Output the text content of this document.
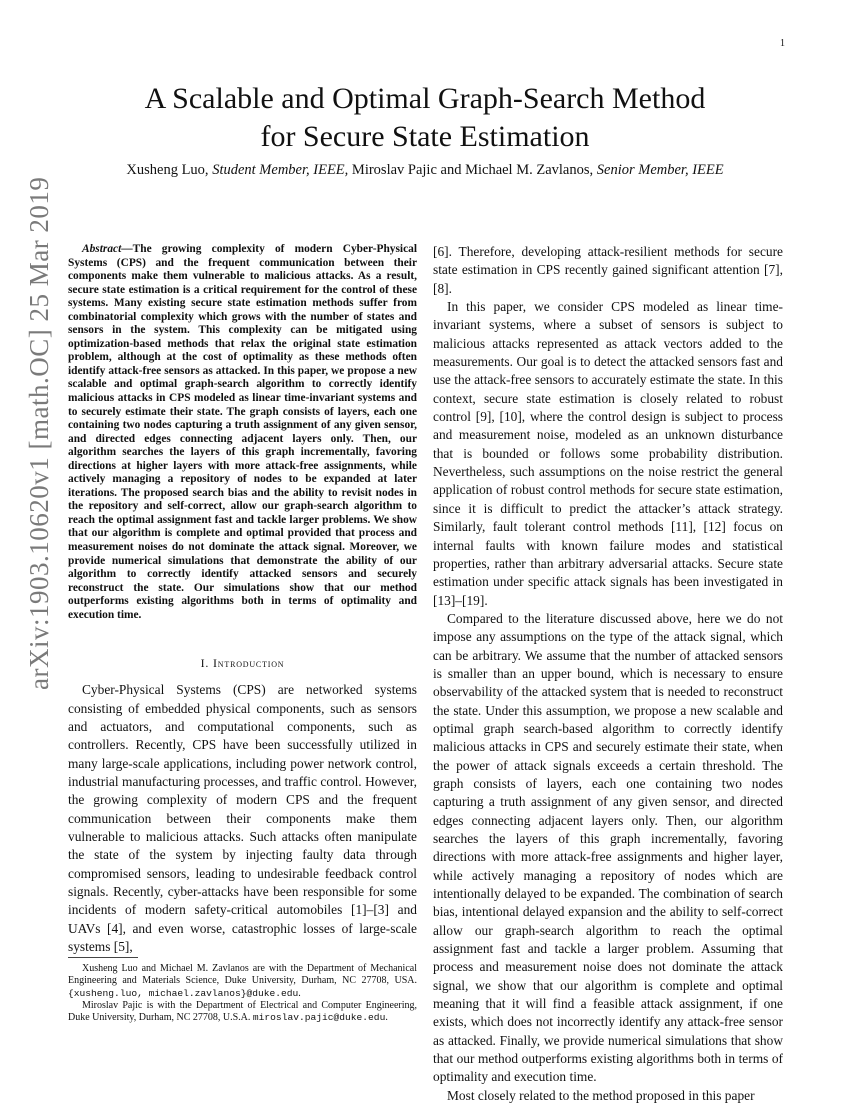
1
arXiv:1903.10620v1 [math.OC] 25 Mar 2019
A Scalable and Optimal Graph-Search Method
for Secure State Estimation
Xusheng Luo, Student Member, IEEE, Miroslav Pajic and Michael M. Zavlanos, Senior Member, IEEE

Abstract—The growing complexity of modern Cyber-Physical Systems (CPS) and the frequent communication between their components make them vulnerable to malicious attacks. As a result, secure state estimation is a critical requirement for the control of these systems. Many existing secure state estimation methods suffer from combinatorial complexity which grows with the number of states and sensors in the system. This complexity can be mitigated using optimization-based methods that relax the original state estimation problem, although at the cost of optimality as these methods often identify attack-free sensors as attacked. In this paper, we propose a new scalable and optimal graph-search algorithm to correctly identify malicious attacks in CPS modeled as linear time-invariant systems and to securely estimate their state. The graph consists of layers, each one containing two nodes capturing a truth assignment of any given sensor, and directed edges connecting adjacent layers only. Then, our algorithm searches the layers of this graph incrementally, favoring directions at higher layers with more attack-free assignments, while actively managing a repository of nodes to be expanded at later iterations. The proposed search bias and the ability to revisit nodes in the repository and self-correct, allow our graph-search algorithm to reach the optimal assignment fast and tackle larger problems. We show that our algorithm is complete and optimal provided that process and measurement noises do not dominate the attack signal. Moreover, we provide numerical simulations that demonstrate the ability of our algorithm to correctly identify attacked sensors and securely reconstruct the state. Our simulations show that our method outperforms existing algorithms both in terms of optimality and execution time.

I. Introduction

Cyber-Physical Systems (CPS) are networked systems consisting of embedded physical components, such as sensors and actuators, and computational components, such as controllers. Recently, CPS have been successfully utilized in many large-scale applications, including power network control, industrial manufacturing processes, and traffic control. However, the growing complexity of modern CPS and the frequent communication between their components make them vulnerable to malicious attacks. Such attacks often manipulate the state of the system by injecting faulty data through compromised sensors, leading to undesirable feedback control signals. Recently, cyber-attacks have been responsible for some incidents of modern safety-critical automobiles [1]–[3] and UAVs [4], and even worse, catastrophic losses of large-scale systems [5],

[6]. Therefore, developing attack-resilient methods for secure state estimation in CPS recently gained significant attention [7], [8].

In this paper, we consider CPS modeled as linear time-invariant systems, where a subset of sensors is subject to malicious attacks represented as attack vectors added to the measurements. Our goal is to detect the attacked sensors fast and use the attack-free sensors to accurately estimate the state. In this context, secure state estimation is closely related to robust control [9], [10], where the control design is subject to process and measurement noise, modeled as an unknown disturbance that is bounded or follows some probability distribution. Nevertheless, such assumptions on the noise restrict the general application of robust control methods for secure state estimation, since it is difficult to predict the attacker’s attack strategy. Similarly, fault tolerant control methods [11], [12] focus on internal faults with known failure modes and statistical properties, rather than arbitrary adversarial attacks. Secure state estimation under specific attack signals has been investigated in [13]–[19].

Compared to the literature discussed above, here we do not impose any assumptions on the type of the attack signal, which can be arbitrary. We assume that the number of attacked sensors is smaller than an upper bound, which is necessary to ensure observability of the attacked system that is needed to reconstruct the state. Under this assumption, we propose a new scalable and optimal graph search-based algorithm to correctly identify malicious attacks in CPS and securely estimate their state, when the power of attack signals exceeds a certain threshold. The graph consists of layers, each one containing two nodes capturing a truth assignment of any given sensor, and directed edges connecting adjacent layers only. Then, our algorithm searches the layers of this graph incrementally, favoring directions with more attack-free assignments and higher layer, while actively managing a repository of nodes which are intentionally delayed to be expanded. The combination of search bias, intentional delayed expansion and the ability to self-correct allow our graph-search algorithm to reach the optimal assignment fast and tackle a larger problem. Assuming that process and measurement noise does not dominate the attack signal, we show that our algorithm is complete and optimal meaning that it will find a feasible attack assignment, if one exists, which does not incorrectly identify any attack-free sensor as attacked. Finally, we provide numerical simulations that show that our method outperforms existing algorithms both in terms of optimality and execution time.

Most closely related to the method proposed in this paper

Xusheng Luo and Michael M. Zavlanos are with the Department of Mechanical Engineering and Materials Science, Duke University, Durham, NC 27708, USA. {xusheng.luo, michael.zavlanos}@duke.edu.

Miroslav Pajic is with the Department of Electrical and Computer Engineering, Duke University, Durham, NC 27708, U.S.A. miroslav.pajic@duke.edu.
